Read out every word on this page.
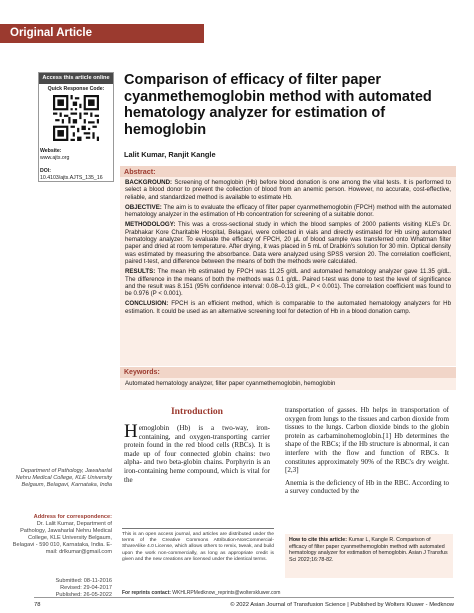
Original Article
Access this article online
Quick Response Code:
Website:
www.ajts.org
DOI:
10.4103/ajts.AJTS_135_16
Comparison of efficacy of filter paper cyanmethemoglobin method with automated hematology analyzer for estimation of hemoglobin
Lalit Kumar, Ranjit Kangle
Abstract:

BACKGROUND: Screening of hemoglobin (Hb) before blood donation is one among the vital tests. It is performed to select a blood donor to prevent the collection of blood from an anemic person. However, no accurate, cost-effective, reliable, and standardized method is available to estimate Hb.

OBJECTIVE: The aim is to evaluate the efficacy of filter paper cyanmethemoglobin (FPCH) method with the automated hematology analyzer in the estimation of Hb concentration for screening of a suitable donor.

METHODOLOGY: This was a cross-sectional study in which the blood samples of 2000 patients visiting KLE's Dr. Prabhakar Kore Charitable Hospital, Belagavi, were collected in vials and directly estimated for Hb using automated hematology analyzer. To evaluate the efficacy of FPCH, 20 µL of blood sample was transferred onto Whatman filter paper and dried at room temperature. After drying, it was placed in 5 mL of Drabkin's solution for 30 min. Optical density was estimated by measuring the absorbance. Data were analyzed using SPSS version 20. The correlation coefficient, paired t-test, and difference between the means of both the methods were calculated.

RESULTS: The mean Hb estimated by FPCH was 11.25 g/dL and automated hematology analyzer gave 11.35 g/dL. The difference in the means of both the methods was 0.1 g/dL. Paired t-test was done to test the level of significance and the result was 8.151 (95% confidence interval: 0.08–0.13 g/dL, P < 0.001). The correlation coefficient was found to be 0.976 (P < 0.001).

CONCLUSION: FPCH is an efficient method, which is comparable to the automated hematology analyzers for Hb estimation. It could be used as an alternative screening tool for detection of Hb in a blood donation camp.

Keywords:
Automated hematology analyzer, filter paper cyanmethemoglobin, hemoglobin
Department of Pathology, Jawaharlal Nehru Medical College, KLE University Belgaum, Belagavi, Karnataka, India
Address for correspondence:
Dr. Lalit Kumar, Department of Pathology, Jawaharlal Nehru Medical College, KLE University Belgaum, Belagavi - 590 010, Karnataka, India. E-mail: drlkumar@gmail.com
Submitted: 08-11-2016
Revised: 29-04-2017
Published: 26-05-2022
Introduction
Hemoglobin (Hb) is a two-way, iron-containing, and oxygen-transporting carrier protein found in the red blood cells (RBCs). It is made up of four connected globin chains: two alpha- and two beta-globin chains. Porphyrin is an iron-containing heme compound, which is vital for the
This is an open access journal, and articles are distributed under the terms of the Creative Commons Attribution-NonCommercial-ShareAlike 4.0 License, which allows others to remix, tweak, and build upon the work non-commercially, as long as appropriate credit is given and the new creations are licensed under the identical terms.
For reprints contact: WKHLRPMedknow_reprints@wolterskluwer.com

transportation of gasses. Hb helps in transportation of oxygen from lungs to the tissues and carbon dioxide from tissues to the lungs. Carbon dioxide binds to the globin protein as carbaminohemoglobin.[1] Hb determines the shape of the RBCs; if the Hb structure is abnormal, it can interfere with the flow and function of RBCs. It constitutes approximately 90% of the RBC's dry weight.[2,3]

Anemia is the deficiency of Hb in the RBC. According to a survey conducted by the

How to cite this article: Kumar L, Kangle R. Comparison of efficacy of filter paper cyanmethemoglobin method with automated hematology analyzer for estimation of hemoglobin. Asian J Transfus Sci 2022;16:78-82.
78	© 2022 Asian Journal of Transfusion Science | Published by Wolters Kluwer - Medknow
